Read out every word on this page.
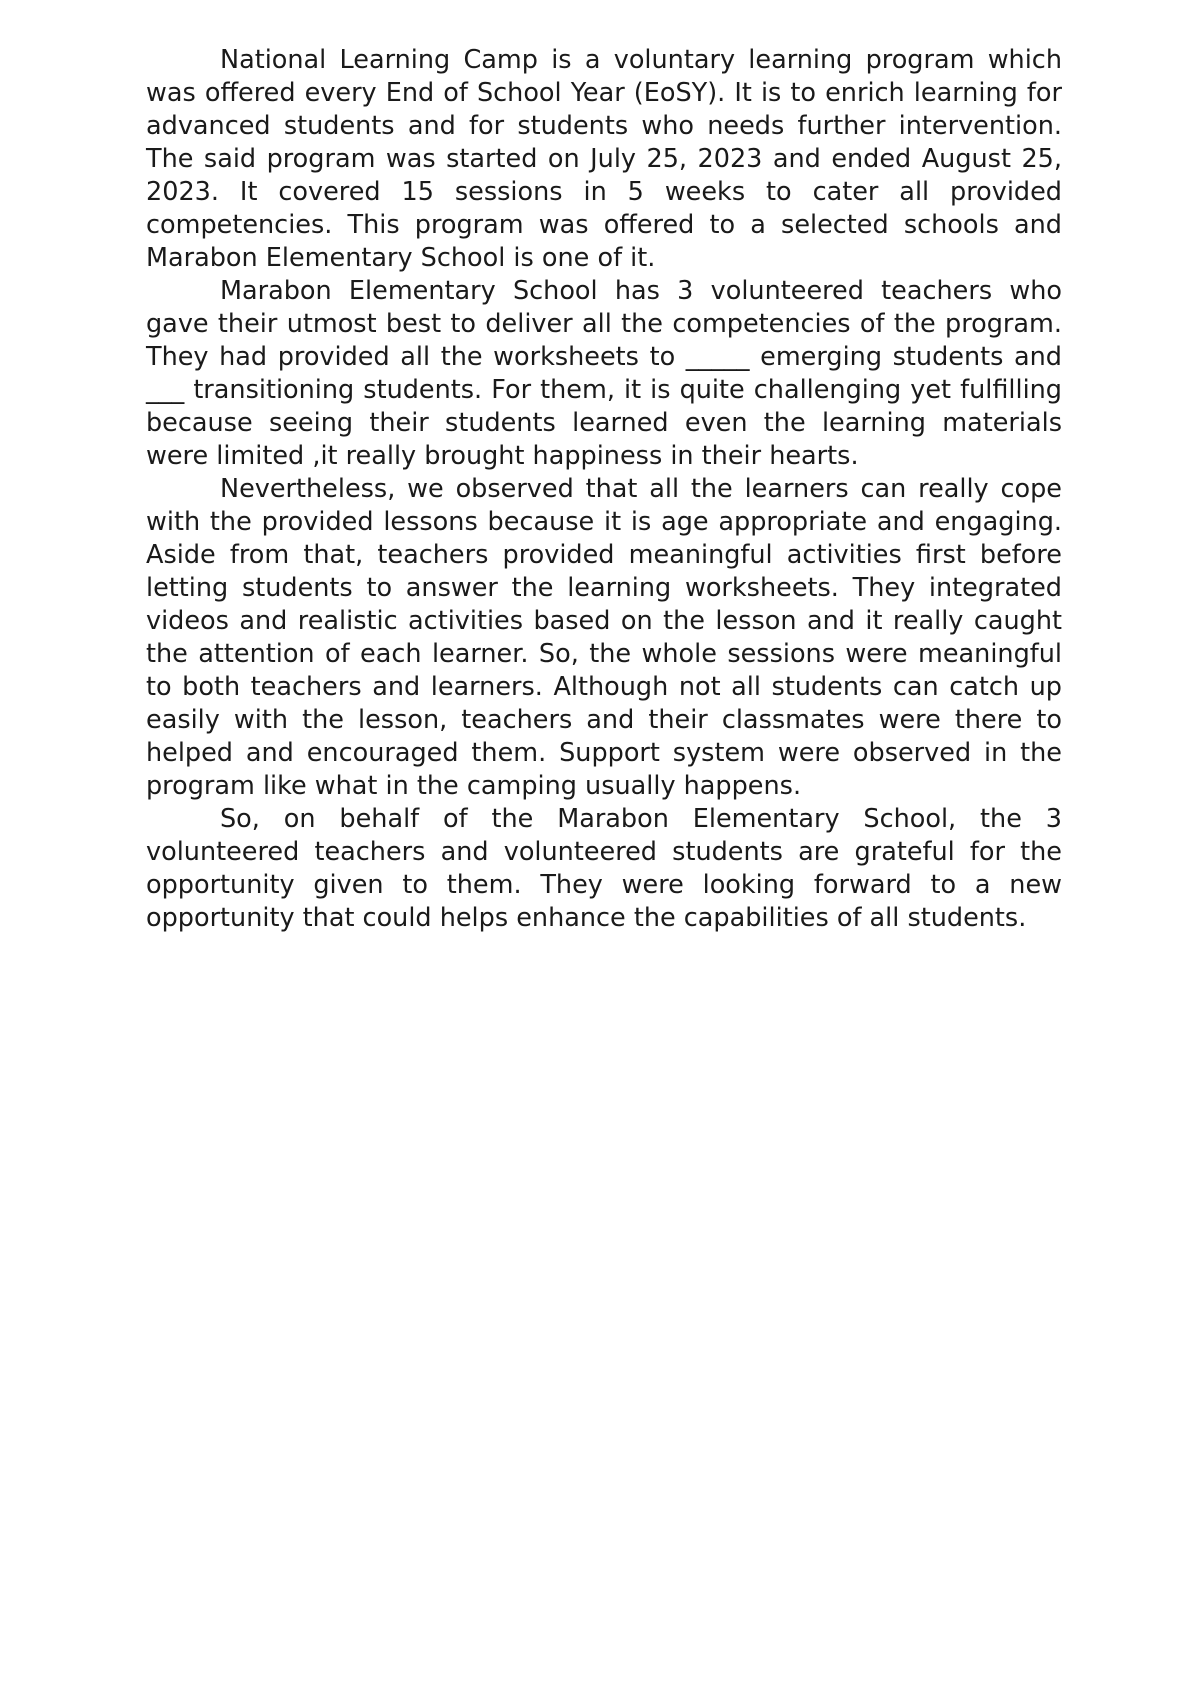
National Learning Camp is a voluntary learning program which was offered every End of School Year (EoSY). It is to enrich learning for advanced students and for students who needs further intervention. The said program was started on July 25, 2023 and ended August 25, 2023. It covered 15 sessions in 5 weeks to cater all provided competencies. This program was offered to a selected schools and Marabon Elementary School is one of it.

Marabon Elementary School has 3 volunteered teachers who gave their utmost best to deliver all the competencies of the program. They had provided all the worksheets to _____ emerging students and ___ transitioning students. For them, it is quite challenging yet fulfilling because seeing their students learned even the learning materials were limited ,it really brought happiness in their hearts.

Nevertheless, we observed that all the learners can really cope with the provided lessons because it is age appropriate and engaging. Aside from that, teachers provided meaningful activities first before letting students to answer the learning worksheets. They integrated videos and realistic activities based on the lesson and it really caught the attention of each learner. So, the whole sessions were meaningful to both teachers and learners. Although not all students can catch up easily with the lesson, teachers and their classmates were there to helped and encouraged them. Support system were observed in the program like what in the camping usually happens.

So, on behalf of the Marabon Elementary School, the 3 volunteered teachers and volunteered students are grateful for the opportunity given to them. They were looking forward to a new opportunity that could helps enhance the capabilities of all students.
